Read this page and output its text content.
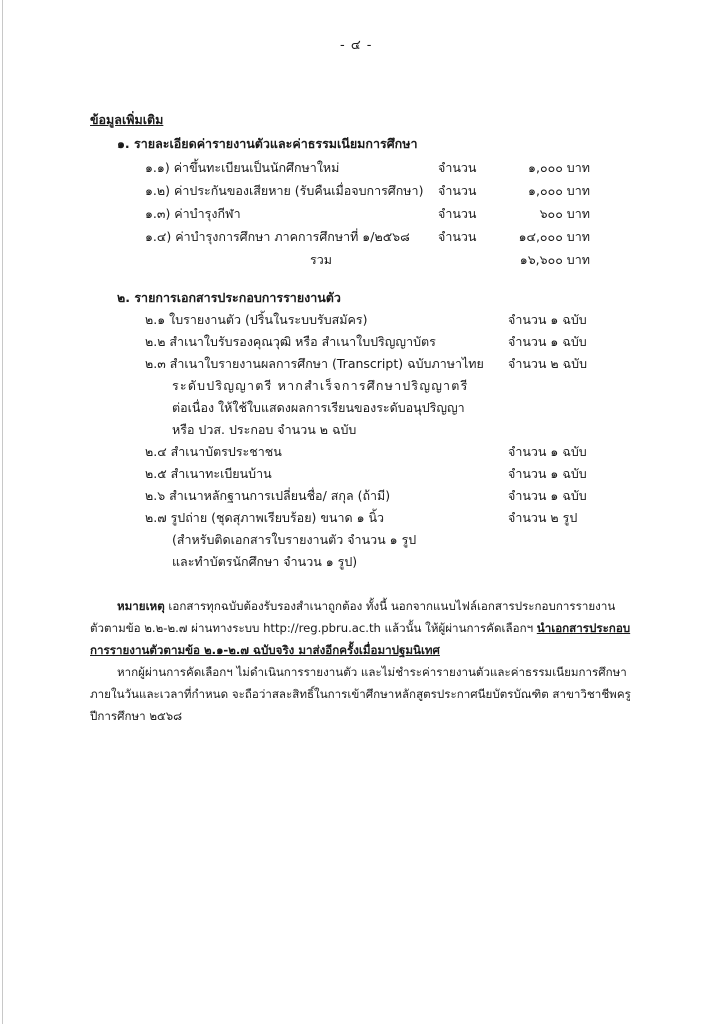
- ๔ -
ข้อมูลเพิ่มเติม
๑. รายละเอียดค่ารายงานตัวและค่าธรรมเนียมการศึกษา
๑.๑) ค่าขึ้นทะเบียนเป็นนักศึกษาใหม่	จำนวน	๑,๐๐๐ บาท
๑.๒) ค่าประกันของเสียหาย (รับคืนเมื่อจบการศึกษา) จำนวน	๑,๐๐๐ บาท
๑.๓) ค่าบำรุงกีฬา	จำนวน	๖๐๐ บาท
๑.๔) ค่าบำรุงการศึกษา ภาคการศึกษาที่ ๑/๒๕๖๘ จำนวน	๑๔,๐๐๐ บาท
รวม	๑๖,๖๐๐ บาท
๒. รายการเอกสารประกอบการรายงานตัว
๒.๑ ใบรายงานตัว (ปริ้นในระบบรับสมัคร)	จำนวน ๑ ฉบับ
๒.๒ สำเนาใบรับรองคุณวุฒิ หรือ สำเนาใบปริญญาบัตร	จำนวน ๑ ฉบับ
๒.๓ สำเนาใบรายงานผลการศึกษา (Transcript) ฉบับภาษาไทย จำนวน ๒ ฉบับ
ระดับปริญญาตรี หากสำเร็จการศึกษาปริญญาตรี
ต่อเนื่อง ให้ใช้ใบแสดงผลการเรียนของระดับอนุปริญญา
หรือ ปวส. ประกอบ จำนวน ๒ ฉบับ
๒.๔ สำเนาบัตรประชาชน	จำนวน ๑ ฉบับ
๒.๕ สำเนาทะเบียนบ้าน	จำนวน ๑ ฉบับ
๒.๖ สำเนาหลักฐานการเปลี่ยนชื่อ/ สกุล (ถ้ามี)	จำนวน ๑ ฉบับ
๒.๗ รูปถ่าย (ชุดสุภาพเรียบร้อย) ขนาด ๑ นิ้ว	จำนวน ๒ รูป
(สำหรับติดเอกสารใบรายงานตัว จำนวน ๑ รูป
และทำบัตรนักศึกษา จำนวน ๑ รูป)
หมายเหตุ เอกสารทุกฉบับต้องรับรองสำเนาถูกต้อง ทั้งนี้ นอกจากแนบไฟล์เอกสารประกอบการรายงาน
ตัวตามข้อ ๒.๒-๒.๗ ผ่านทางระบบ http://reg.pbru.ac.th แล้วนั้น ให้ผู้ผ่านการคัดเลือกฯ นำเอกสารประกอบ
การรายงานตัวตามข้อ ๒.๑-๒.๗ ฉบับจริง มาส่งอีกครั้งเมื่อมาปฐมนิเทศ
หากผู้ผ่านการคัดเลือกฯ ไม่ดำเนินการรายงานตัว และไม่ชำระค่ารายงานตัวและค่าธรรมเนียมการศึกษา
ภายในวันและเวลาที่กำหนด จะถือว่าสละสิทธิ์ในการเข้าศึกษาหลักสูตรประกาศนียบัตรบัณฑิต สาขาวิชาชีพครู
ปีการศึกษา ๒๕๖๘
